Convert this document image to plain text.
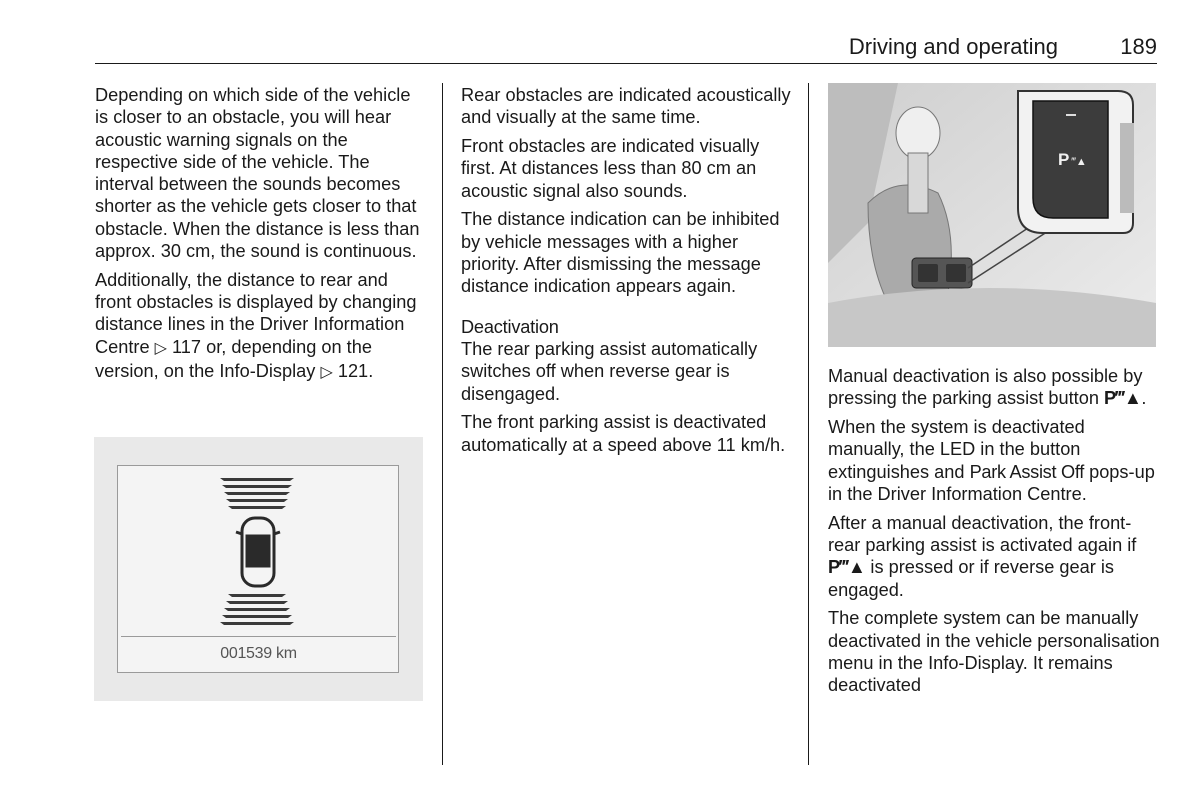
Driving and operating	189

Depending on which side of the vehicle is closer to an obstacle, you will hear acoustic warning signals on the respective side of the vehicle. The interval between the sounds becomes shorter as the vehicle gets closer to that obstacle. When the distance is less than approx. 30 cm, the sound is continuous.

Additionally, the distance to rear and front obstacles is displayed by changing distance lines in the Driver Information Centre ▷ 117 or, depending on the version, on the Info-Display ▷ 121.

001539 km

Rear obstacles are indicated acoustically and visually at the same time.

Front obstacles are indicated visually first. At distances less than 80 cm an acoustic signal also sounds.

The distance indication can be inhibited by vehicle messages with a higher priority. After dismissing the message distance indication appears again.

Deactivation

The rear parking assist automatically switches off when reverse gear is disengaged.

The front parking assist is deactivated automatically at a speed above 11 km/h.

P ‴▲

Manual deactivation is also possible by pressing the parking assist button P‴▲.

When the system is deactivated manually, the LED in the button extinguishes and Park Assist Off pops-up in the Driver Information Centre.

After a manual deactivation, the front-rear parking assist is activated again if P‴▲ is pressed or if reverse gear is engaged.

The complete system can be manually deactivated in the vehicle personalisation menu in the Info-Display. It remains deactivated
